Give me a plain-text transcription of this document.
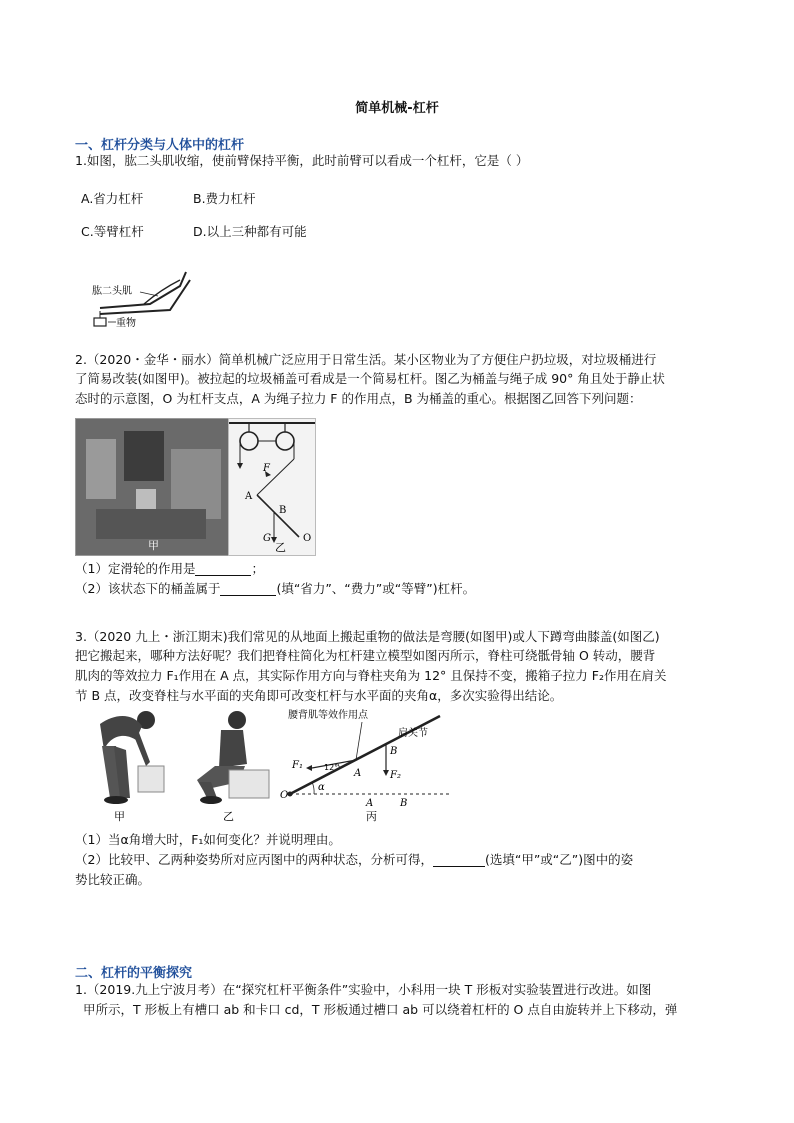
简单机械-杠杆
一、杠杆分类与人体中的杠杆
1.如图，肱二头肌收缩，使前臂保持平衡，此时前臂可以看成一个杠杆，它是（ ）
A.省力杠杆	B.费力杠杆
C.等臂杠杆	D.以上三种都有可能
肱二头肌
重物
2.（2020・金华・丽水）简单机械广泛应用于日常生活。某小区物业为了方便住户扔垃圾，对垃圾桶进行
了简易改装(如图甲)。被拉起的垃圾桶盖可看成是一个简易杠杆。图乙为桶盖与绳子成 90° 角且处于静止状
态时的示意图，O 为杠杆支点，A 为绳子拉力 F 的作用点，B 为桶盖的重心。根据图乙回答下列问题：
甲
F
A
B
G	O
乙
（1）定滑轮的作用是	；
（2）该状态下的桶盖属于	(填“省力”、“费力”或“等臂”)杠杆。
3.（2020 九上・浙江期末)我们常见的从地面上搬起重物的做法是弯腰(如图甲)或人下蹲弯曲膝盖(如图乙)
把它搬起来，哪种方法好呢？我们把脊柱简化为杠杆建立模型如图丙所示，脊柱可绕骶骨轴 O 转动，腰背
肌肉的等效拉力 F₁作用在 A 点，其实际作用方向与脊柱夹角为 12° 且保持不变，搬箱子拉力 F₂作用在肩关
节 B 点，改变脊柱与水平面的夹角即可改变杠杆与水平面的夹角α，多次实验得出结论。
甲	乙
腰背肌等效作用点
肩关节
F₁	12°
A
B
F₂
α
O
A	B
丙
（1）当α角增大时，F₁如何变化？并说明理由。
（2）比较甲、乙两种姿势所对应丙图中的两种状态，分析可得，	(选填“甲”或“乙”)图中的姿
势比较正确。
二、杠杆的平衡探究
1.（2019.九上宁波月考）在“探究杠杆平衡条件”实验中，小科用一块 T 形板对实验装置进行改进。如图
甲所示，T 形板上有槽口 ab 和卡口 cd，T 形板通过槽口 ab 可以绕着杠杆的 O 点自由旋转并上下移动，弹
